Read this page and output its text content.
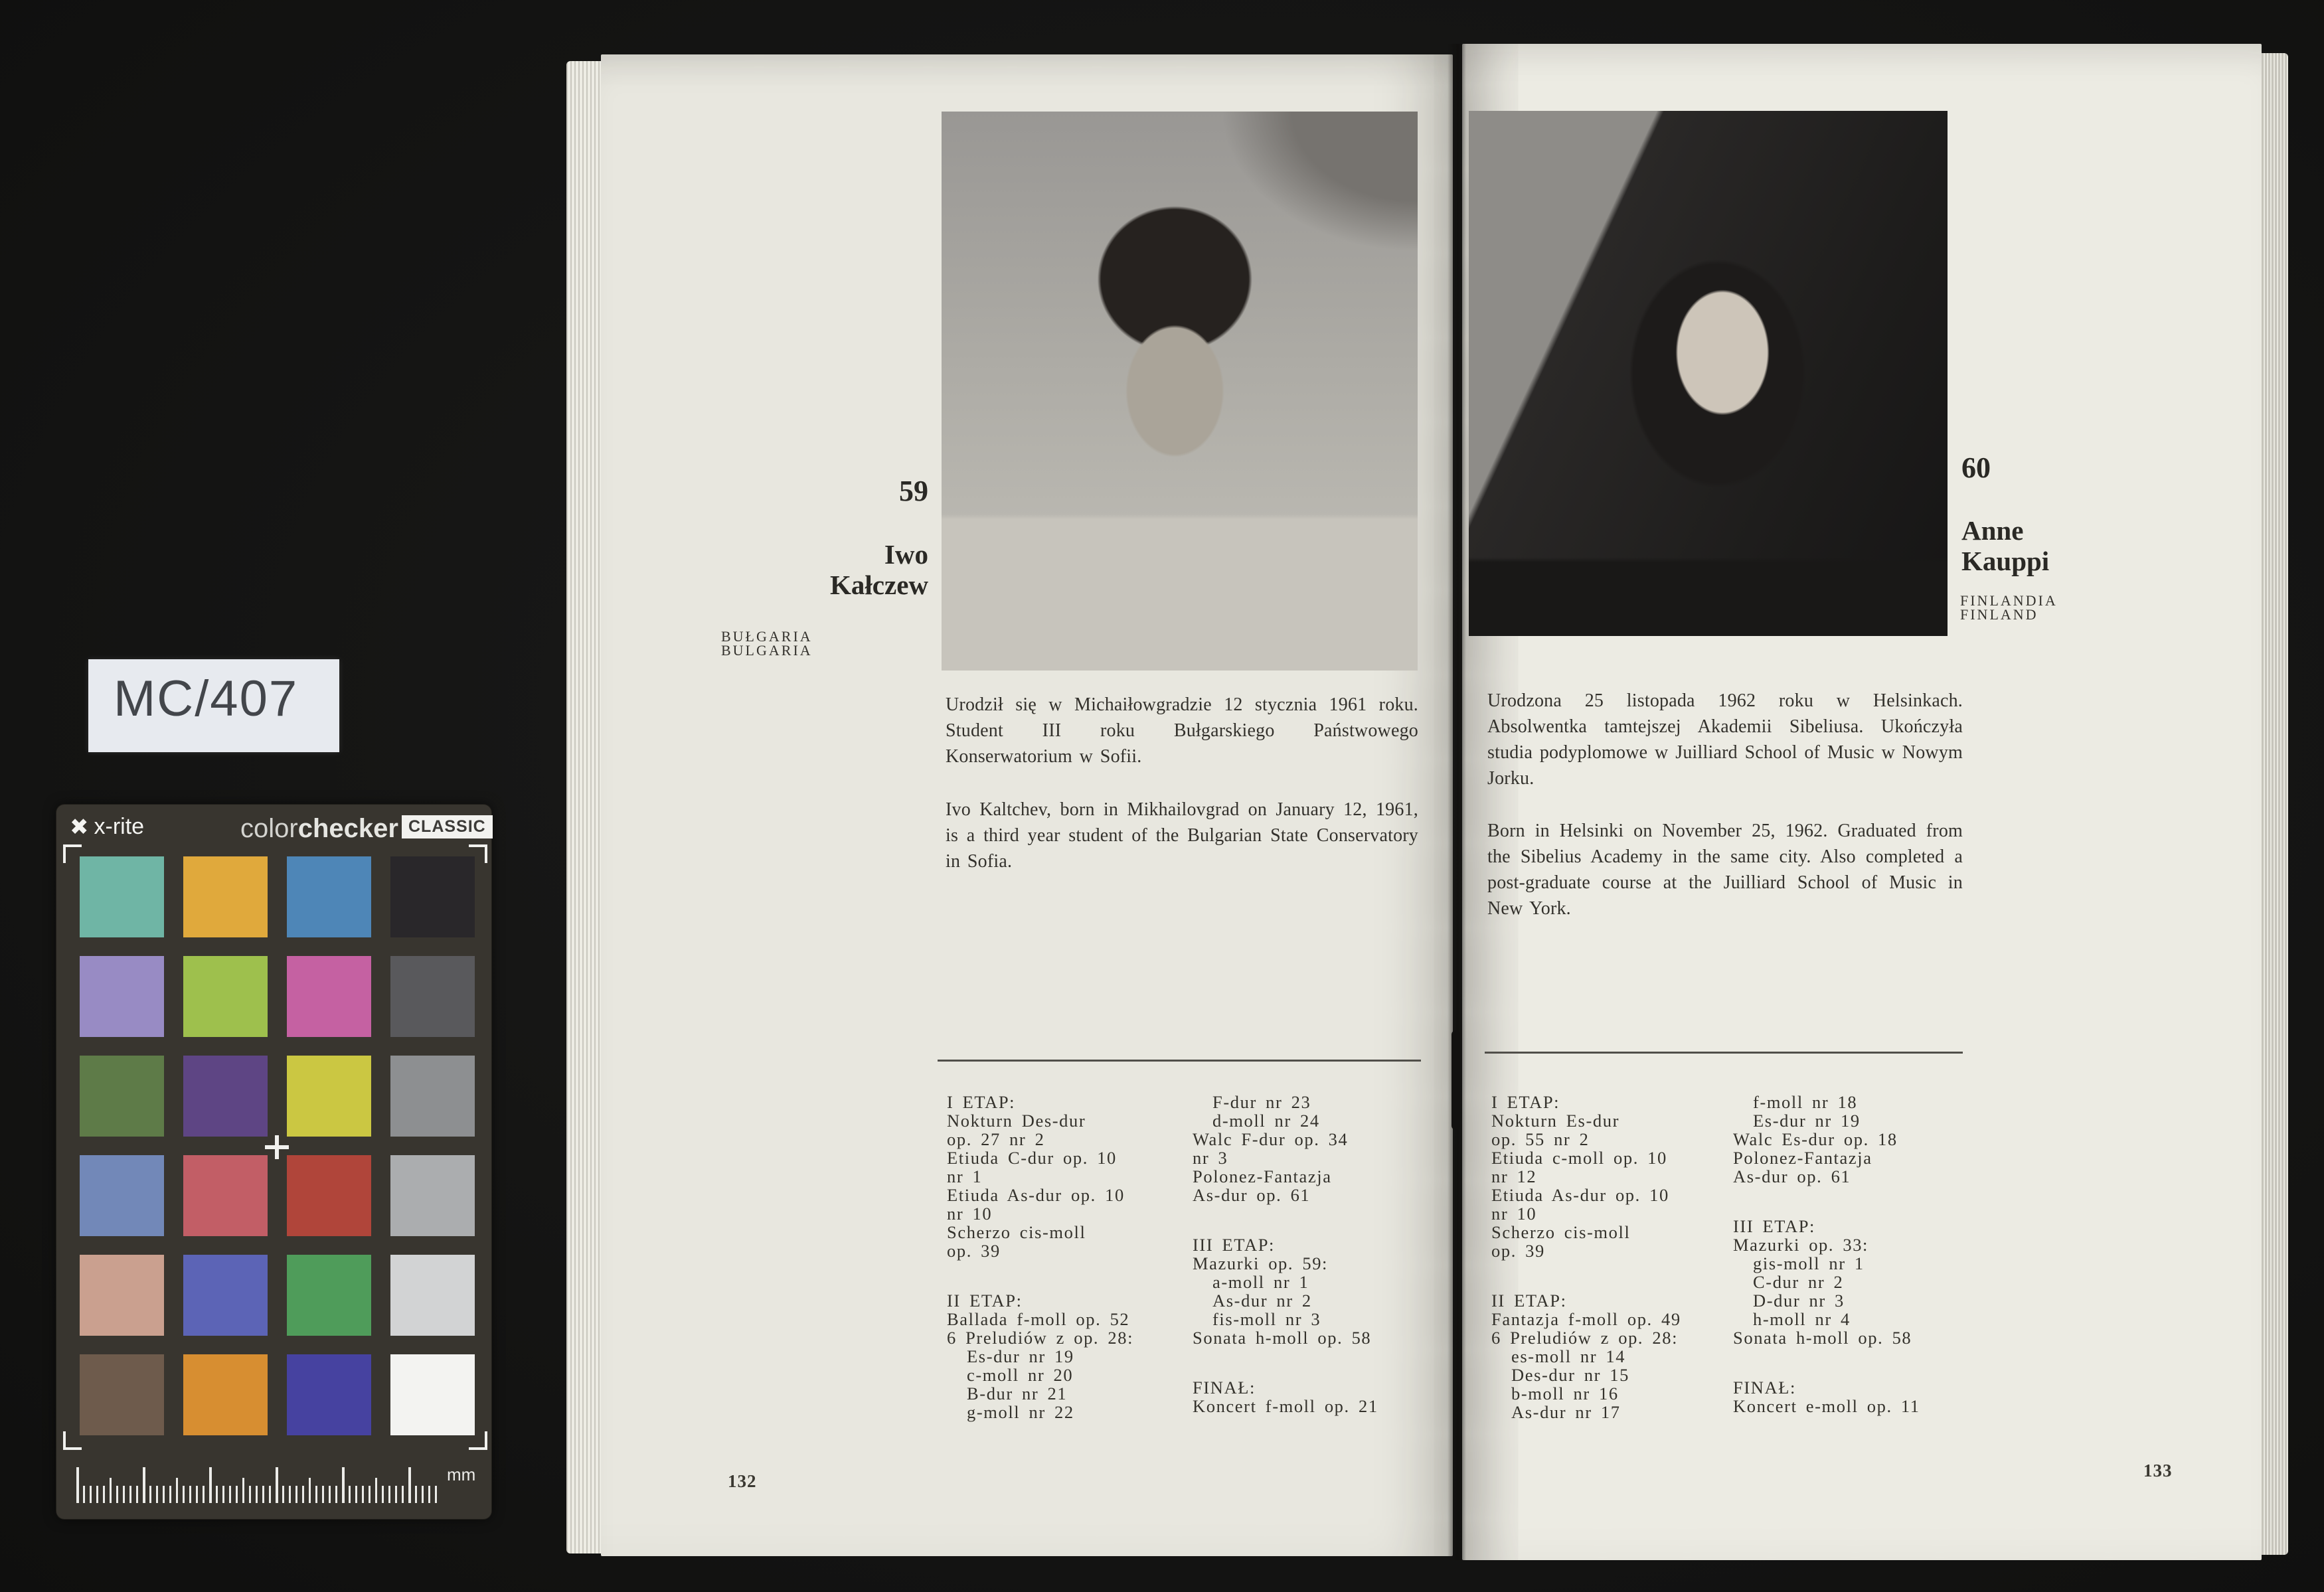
59
Iwo
Kałczew
BUŁGARIA
BULGARIA
Urodził się w Michaiłowgradzie 12 stycznia 1961 roku. Student III roku Bułgarskiego Państwowego Konserwatorium w Sofii.
Ivo Kaltchev, born in Mikhailovgrad on January 12, 1961, is a third year student of the Bulgarian State Conservatory in Sofia.
I ETAP:
Nokturn Des-dur
op. 27 nr 2
Etiuda C-dur op. 10
nr 1
Etiuda As-dur op. 10
nr 10
Scherzo cis-moll
op. 39
II ETAP:
Ballada f-moll op. 52
6 Preludiów z op. 28:
Es-dur nr 19
c-moll nr 20
B-dur nr 21
g-moll nr 22
F-dur nr 23
d-moll nr 24
Walc F-dur op. 34
nr 3
Polonez-Fantazja
As-dur op. 61
III ETAP:
Mazurki op. 59:
a-moll nr 1
As-dur nr 2
fis-moll nr 3
Sonata h-moll op. 58
FINAŁ:
Koncert f-moll op. 21
132
60
Anne
Kauppi
FINLANDIA
FINLAND
Urodzona 25 listopada 1962 roku w Helsinkach. Absolwentka tamtejszej Akademii Sibeliusa. Ukończyła studia podyplomowe w Juilliard School of Music w Nowym Jorku.
Born in Helsinki on November 25, 1962. Graduated from the Sibelius Academy in the same city. Also completed a post-graduate course at the Juilliard School of Music in New York.
I ETAP:
Nokturn Es-dur
op. 55 nr 2
Etiuda c-moll op. 10
nr 12
Etiuda As-dur op. 10
nr 10
Scherzo cis-moll
op. 39
II ETAP:
Fantazja f-moll op. 49
6 Preludiów z op. 28:
es-moll nr 14
Des-dur nr 15
b-moll nr 16
As-dur nr 17
f-moll nr 18
Es-dur nr 19
Walc Es-dur op. 18
Polonez-Fantazja
As-dur op. 61
III ETAP:
Mazurki op. 33:
gis-moll nr 1
C-dur nr 2
D-dur nr 3
h-moll nr 4
Sonata h-moll op. 58
FINAŁ:
Koncert e-moll op. 11
133
MC/407
✖ x-rite	colorchecker CLASSIC
mm
